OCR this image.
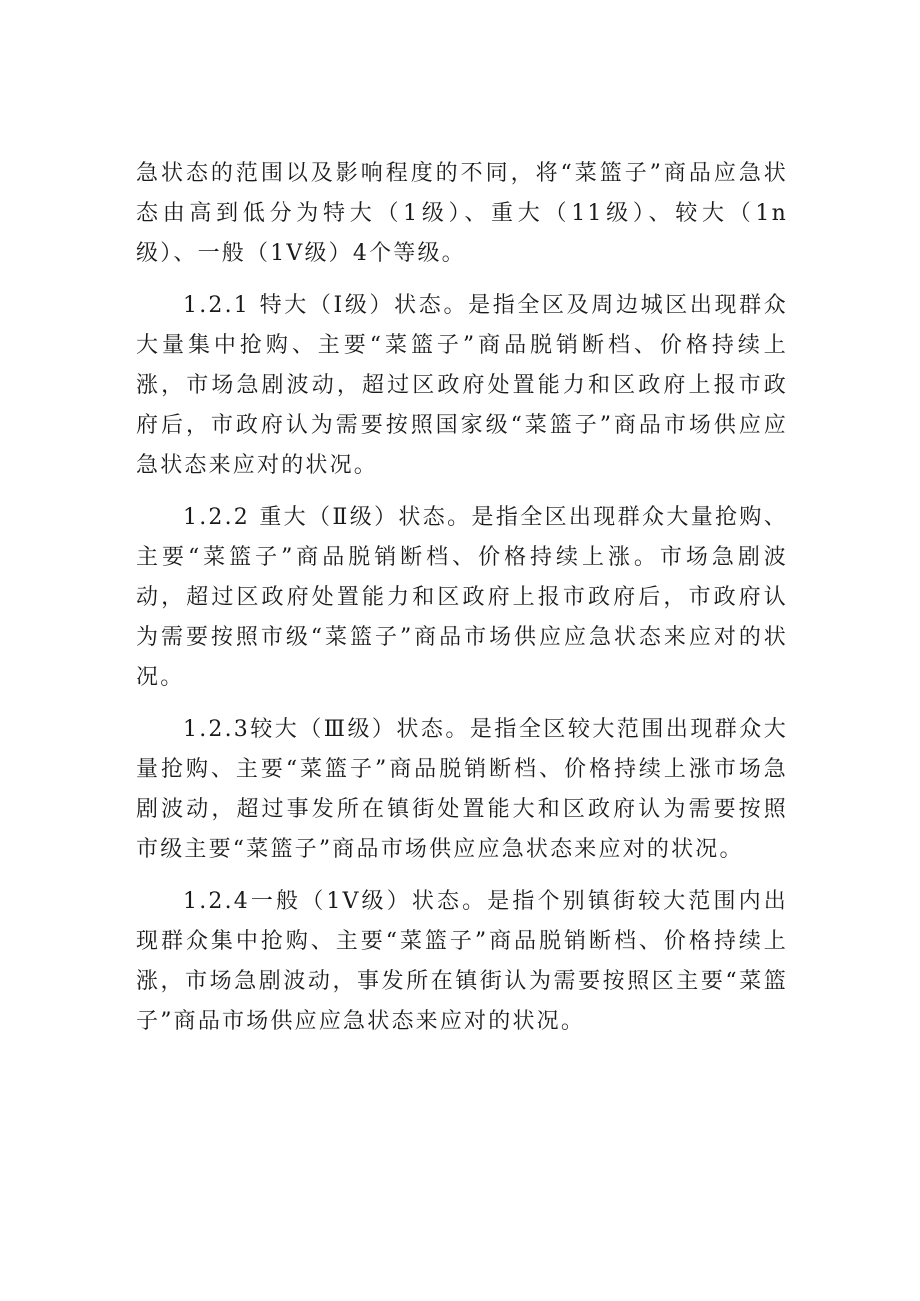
急状态的范围以及影响程度的不同，将“菜篮子”商品应急状态由高到低分为特大（1级）、重大（11级）、较大（1n级）、一般（1V级）4个等级。

1.2.1 特大（I级）状态。是指全区及周边城区出现群众大量集中抢购、主要“菜篮子”商品脱销断档、价格持续上涨，市场急剧波动，超过区政府处置能力和区政府上报市政府后，市政府认为需要按照国家级“菜篮子”商品市场供应应急状态来应对的状况。

1.2.2 重大（Ⅱ级）状态。是指全区出现群众大量抢购、主要“菜篮子”商品脱销断档、价格持续上涨。市场急剧波动，超过区政府处置能力和区政府上报市政府后，市政府认为需要按照市级“菜篮子”商品市场供应应急状态来应对的状况。

1.2.3较大（Ⅲ级）状态。是指全区较大范围出现群众大量抢购、主要“菜篮子”商品脱销断档、价格持续上涨市场急剧波动，超过事发所在镇街处置能大和区政府认为需要按照市级主要“菜篮子”商品市场供应应急状态来应对的状况。

1.2.4一般（1V级）状态。是指个别镇街较大范围内出现群众集中抢购、主要“菜篮子”商品脱销断档、价格持续上涨，市场急剧波动，事发所在镇街认为需要按照区主要“菜篮子”商品市场供应应急状态来应对的状况。
